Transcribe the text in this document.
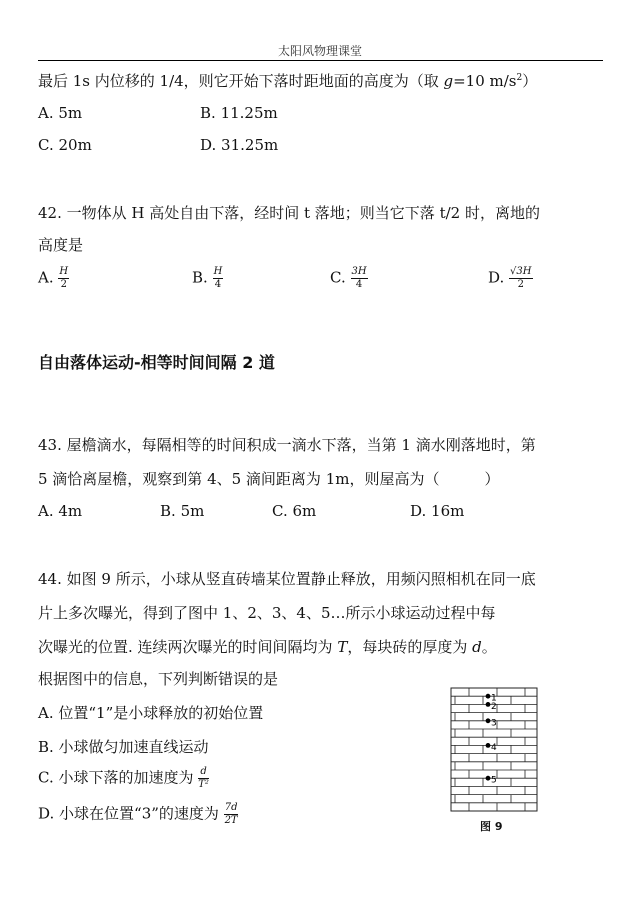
太阳风物理课堂
最后 1s 内位移的 1/4，则它开始下落时距地面的高度为（取 g=10 $m/s^2$）
A. 5m	B. 11.25m
C. 20m	D. 31.25m
42. 一物体从 H 高处自由下落，经时间 t 落地；则当它下落 t/2 时，离地的
高度是
A. $\frac{H}{2}$	B. $\frac{H}{4}$	C. $\frac{3H}{4}$	D. $\frac{√3H}{2}$
自由落体运动-相等时间间隔 2 道
43. 屋檐滴水，每隔相等的时间积成一滴水下落，当第 1 滴水刚落地时，第
5 滴恰离屋檐，观察到第 4、5 滴间距离为 1m，则屋高为（　　　）
A. 4m	B. 5m	C. 6m	D. 16m
44. 如图 9 所示，小球从竖直砖墙某位置静止释放，用频闪照相机在同一底
片上多次曝光，得到了图中 1、2、3、4、5…所示小球运动过程中每
次曝光的位置. 连续两次曝光的时间间隔均为 T，每块砖的厚度为 d。
根据图中的信息，下列判断错误的是
A. 位置“1”是小球释放的初始位置
B. 小球做匀加速直线运动
C. 小球下落的加速度为 $\frac{d}{\text{T²}}$
D. 小球在位置“3”的速度为 $\frac{7d}{2T}$
1
2
3
4
5
图 9
